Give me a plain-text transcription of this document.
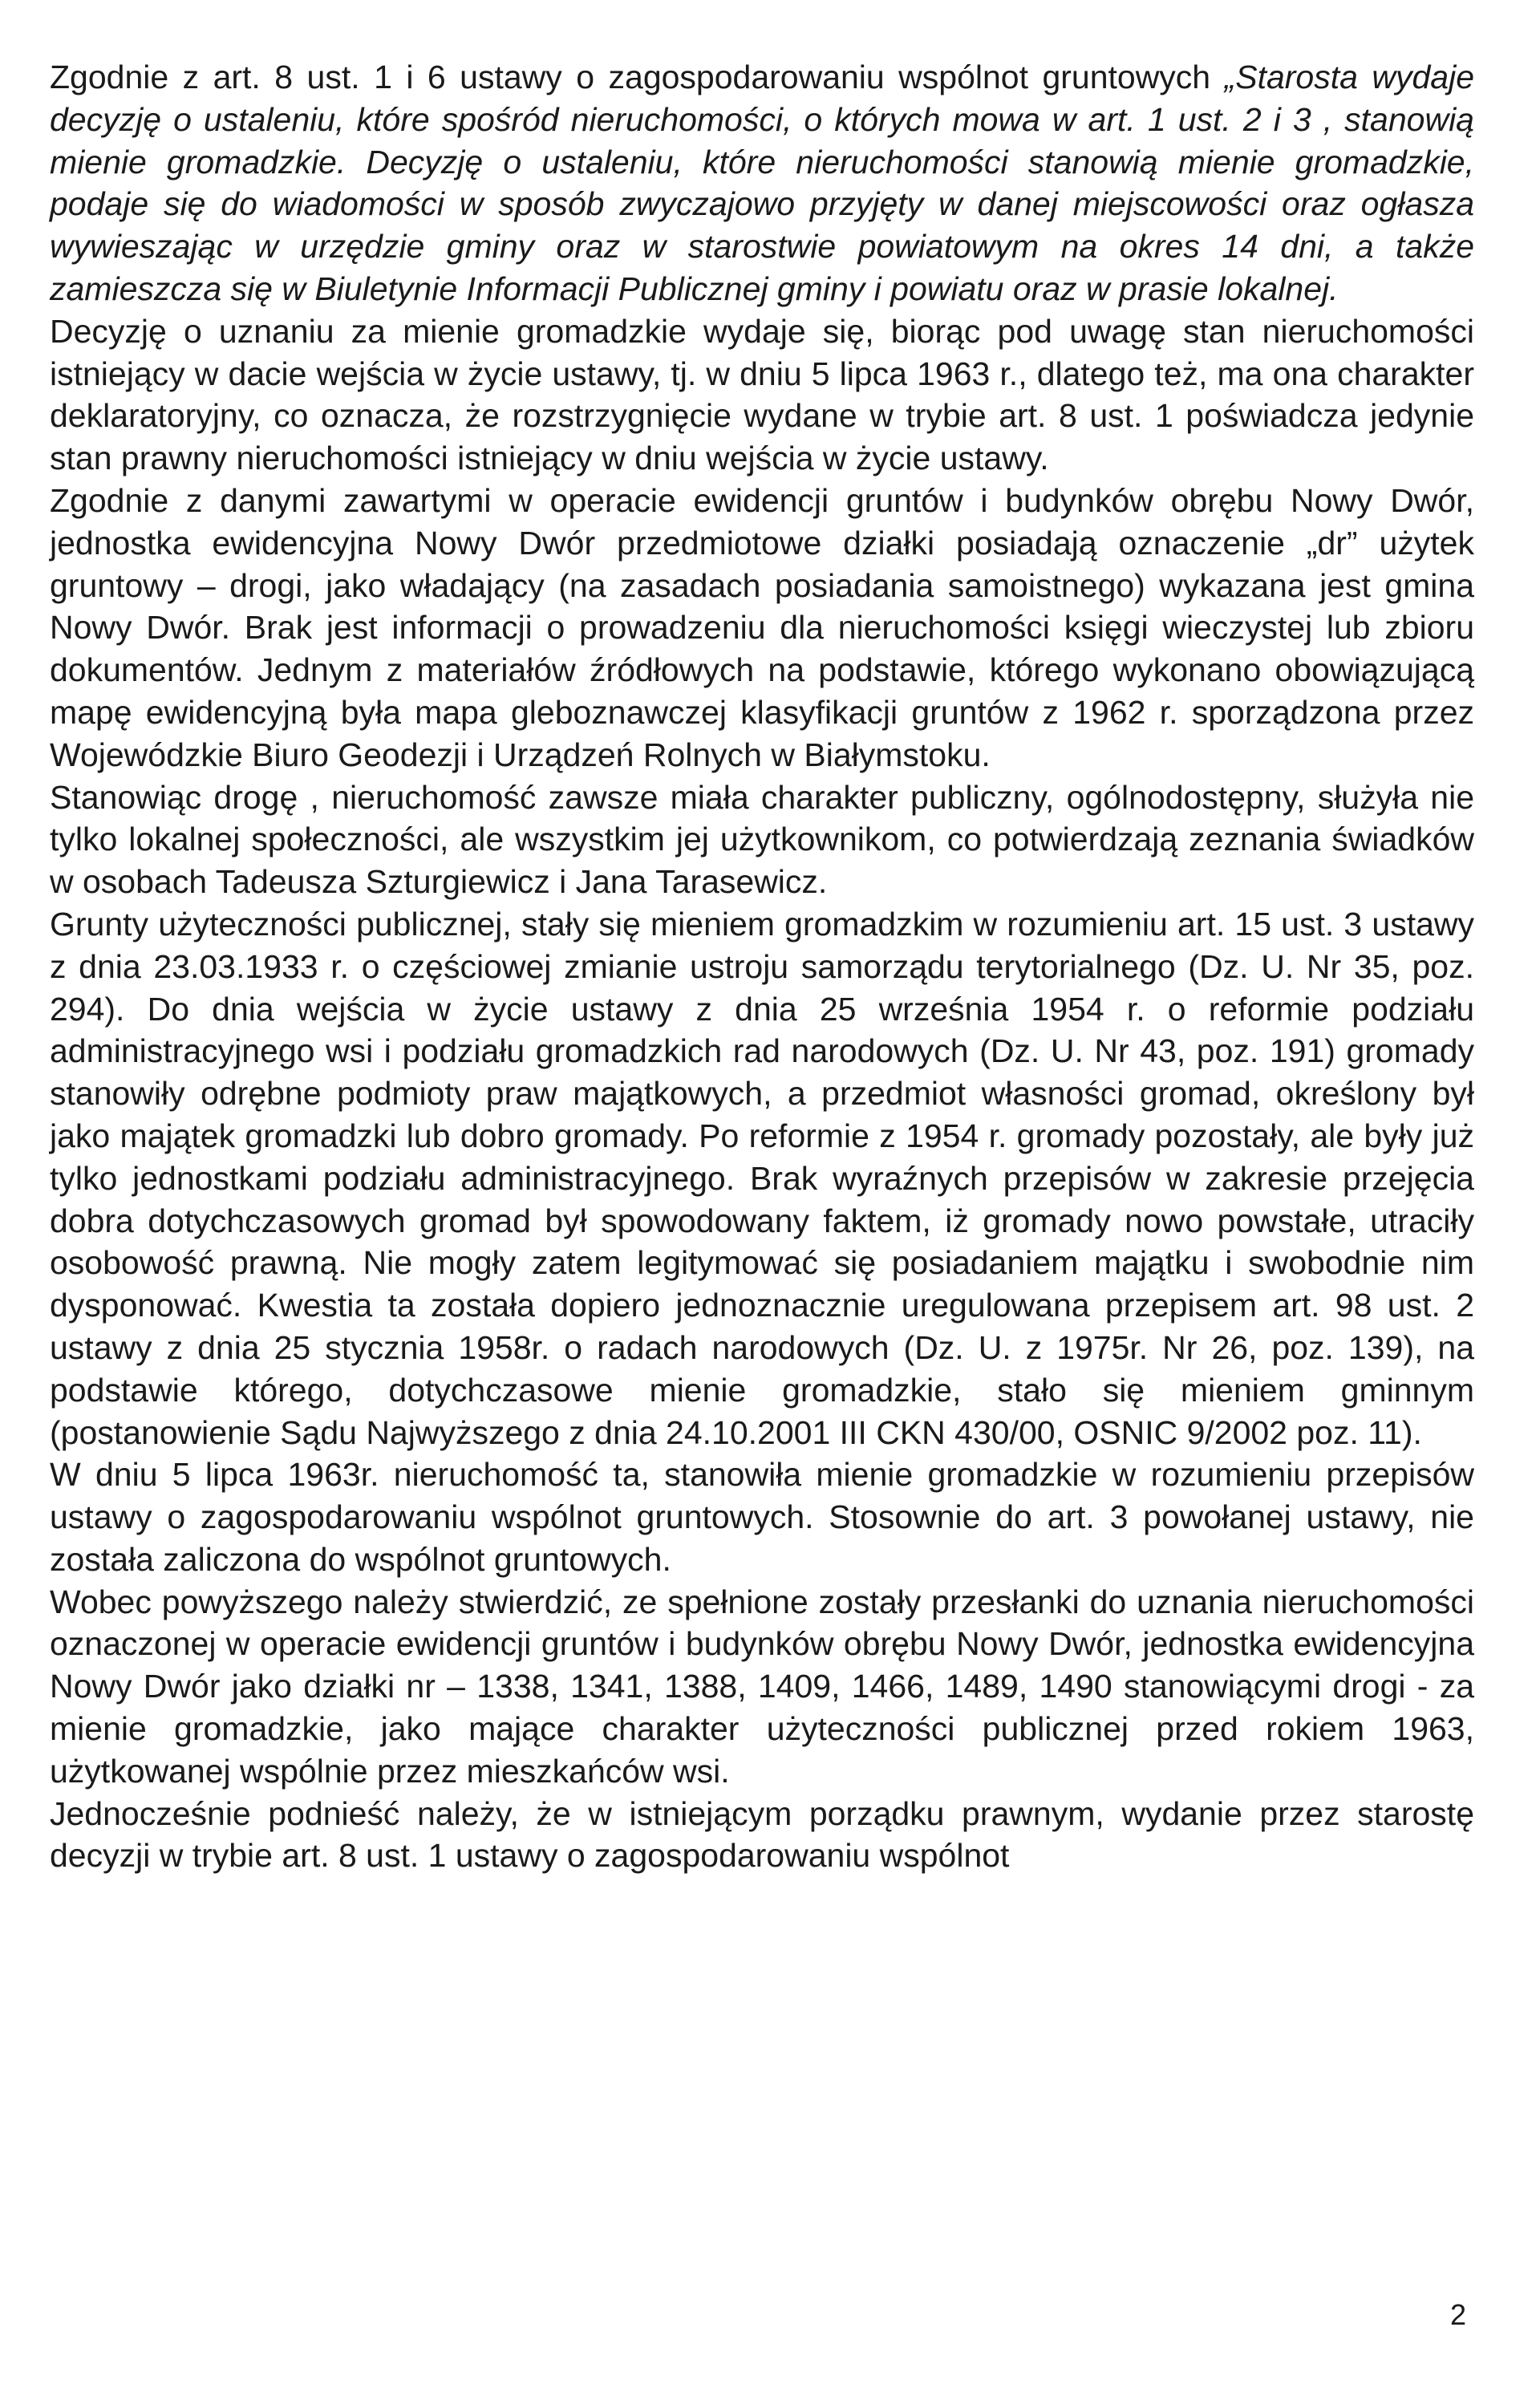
Zgodnie z art. 8 ust. 1 i 6 ustawy o zagospodarowaniu wspólnot gruntowych „Starosta wydaje decyzję o ustaleniu, które spośród nieruchomości, o których mowa w art. 1 ust. 2 i 3 , stanowią mienie gromadzkie. Decyzję o ustaleniu, które nieruchomości stanowią mienie gromadzkie, podaje się do wiadomości w sposób zwyczajowo przyjęty w danej miejscowości oraz ogłasza wywieszając w urzędzie gminy oraz w starostwie powiatowym na okres 14 dni, a także zamieszcza się w Biuletynie Informacji Publicznej gminy i powiatu oraz w prasie lokalnej.

Decyzję o uznaniu za mienie gromadzkie wydaje się, biorąc pod uwagę stan nieruchomości istniejący w dacie wejścia w życie ustawy, tj. w dniu 5 lipca 1963 r., dlatego też, ma ona charakter deklaratoryjny, co oznacza, że rozstrzygnięcie wydane w trybie art. 8 ust. 1 poświadcza jedynie stan prawny nieruchomości istniejący w dniu wejścia w życie ustawy.

Zgodnie z danymi zawartymi w operacie ewidencji gruntów i budynków obrębu Nowy Dwór, jednostka ewidencyjna Nowy Dwór przedmiotowe działki posiadają oznaczenie „dr” użytek gruntowy – drogi, jako władający (na zasadach posiadania samoistnego) wykazana jest gmina Nowy Dwór. Brak jest informacji o prowadzeniu dla nieruchomości księgi wieczystej lub zbioru dokumentów. Jednym z materiałów źródłowych na podstawie, którego wykonano obowiązującą mapę ewidencyjną była mapa gleboznawczej klasyfikacji gruntów z 1962 r. sporządzona przez Wojewódzkie Biuro Geodezji i Urządzeń Rolnych w Białymstoku.

Stanowiąc drogę , nieruchomość zawsze miała charakter publiczny, ogólnodostępny, służyła nie tylko lokalnej społeczności, ale wszystkim jej użytkownikom, co potwierdzają zeznania świadków w osobach Tadeusza Szturgiewicz i Jana Tarasewicz.

Grunty użyteczności publicznej, stały się mieniem gromadzkim w rozumieniu art. 15 ust. 3 ustawy z dnia 23.03.1933 r. o częściowej zmianie ustroju samorządu terytorialnego (Dz. U. Nr 35, poz. 294). Do dnia wejścia w życie ustawy z dnia 25 września 1954 r. o reformie podziału administracyjnego wsi i podziału gromadzkich rad narodowych (Dz. U. Nr 43, poz. 191) gromady stanowiły odrębne podmioty praw majątkowych, a przedmiot własności gromad, określony był jako majątek gromadzki lub dobro gromady. Po reformie z 1954 r. gromady pozostały, ale były już tylko jednostkami podziału administracyjnego. Brak wyraźnych przepisów w zakresie przejęcia dobra dotychczasowych gromad był spowodowany faktem, iż gromady nowo powstałe, utraciły osobowość prawną. Nie mogły zatem legitymować się posiadaniem majątku i swobodnie nim dysponować. Kwestia ta została dopiero jednoznacznie uregulowana przepisem art. 98 ust. 2 ustawy z dnia 25 stycznia 1958r. o radach narodowych (Dz. U. z 1975r. Nr 26, poz. 139), na podstawie którego, dotychczasowe mienie gromadzkie, stało się mieniem gminnym (postanowienie Sądu Najwyższego z dnia 24.10.2001 III CKN 430/00, OSNIC 9/2002 poz. 11).

W dniu 5 lipca 1963r. nieruchomość ta, stanowiła mienie gromadzkie w rozumieniu przepisów ustawy o zagospodarowaniu wspólnot gruntowych. Stosownie do art. 3 powołanej ustawy, nie została zaliczona do wspólnot gruntowych.

Wobec powyższego należy stwierdzić, ze spełnione zostały przesłanki do uznania nieruchomości oznaczonej w operacie ewidencji gruntów i budynków obrębu Nowy Dwór, jednostka ewidencyjna Nowy Dwór jako działki nr – 1338, 1341, 1388, 1409, 1466, 1489, 1490 stanowiącymi drogi - za mienie gromadzkie, jako mające charakter użyteczności publicznej przed rokiem 1963, użytkowanej wspólnie przez mieszkańców wsi.

Jednocześnie podnieść należy, że w istniejącym porządku prawnym, wydanie przez starostę decyzji w trybie art. 8 ust. 1 ustawy o zagospodarowaniu wspólnot

2
